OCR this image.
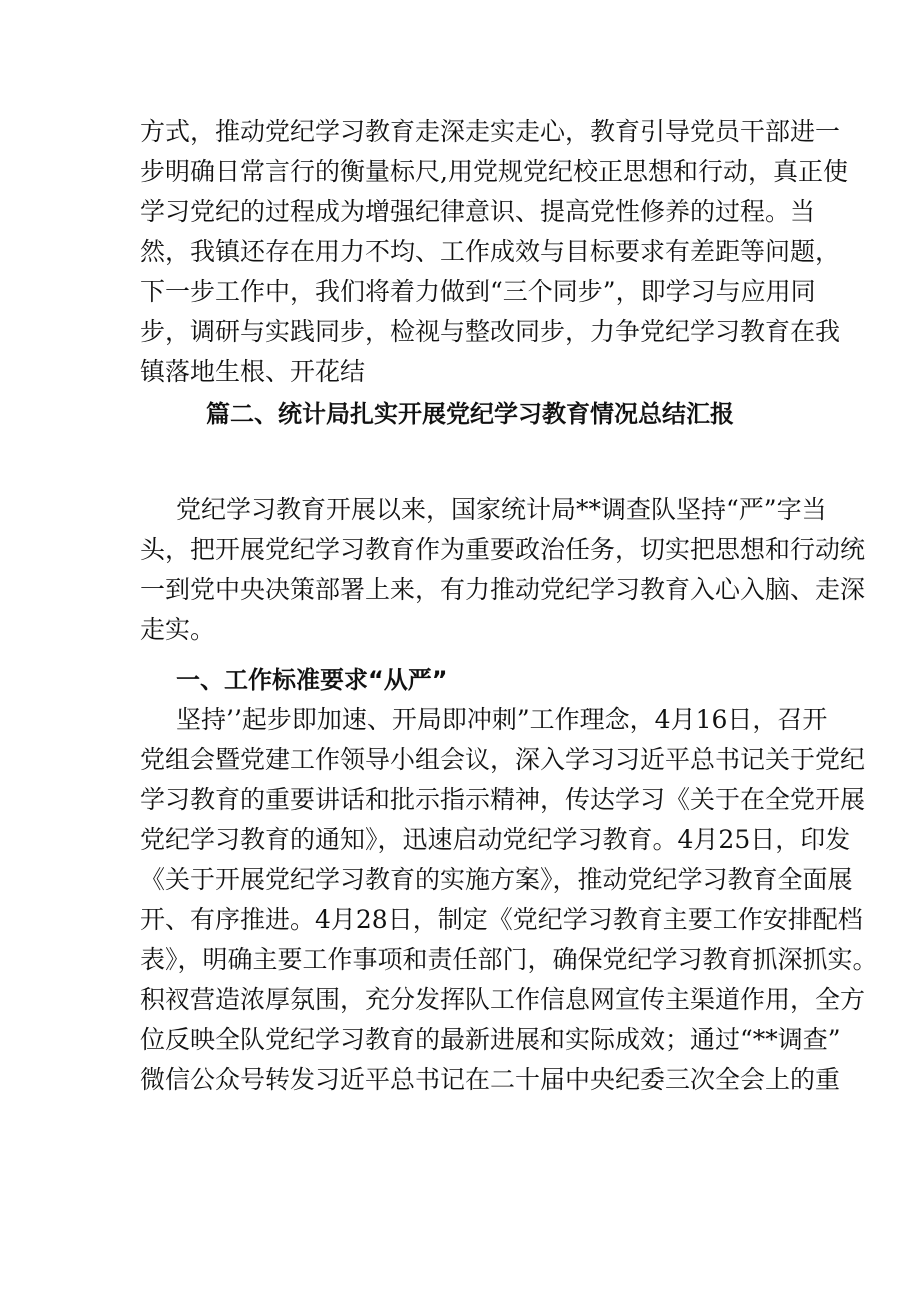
方式，推动党纪学习教育走深走实走心，教育引导党员干部进一

步明确日常言行的衡量标尺,用党规党纪校正思想和行动，真正使

学习党纪的过程成为增强纪律意识、提高党性修养的过程。当

然，我镇还存在用力不均、工作成效与目标要求有差距等问题，

下一步工作中，我们将着力做到“三个同步”，即学习与应用同

步，调研与实践同步，检视与整改同步，力争党纪学习教育在我

镇落地生根、开花结

篇二、统计局扎实开展党纪学习教育情况总结汇报

党纪学习教育开展以来，国家统计局**调查队坚持“严”字当

头，把开展党纪学习教育作为重要政治任务，切实把思想和行动统

一到党中央决策部署上来，有力推动党纪学习教育入心入脑、走深

走实。

一、工作标准要求“从严”

坚持’’起步即加速、开局即冲刺”工作理念，4月16日，召开

党组会暨党建工作领导小组会议，深入学习习近平总书记关于党纪

学习教育的重要讲话和批示指示精神，传达学习《关于在全党开展

党纪学习教育的通知》，迅速启动党纪学习教育。4月25日，印发

《关于开展党纪学习教育的实施方案》，推动党纪学习教育全面展

开、有序推进。4月28日，制定《党纪学习教育主要工作安排配档

表》，明确主要工作事项和责任部门，确保党纪学习教育抓深抓实。

积衩营造浓厚氛围，充分发挥队工作信息网宣传主渠道作用，全方

位反映全队党纪学习教育的最新进展和实际成效；通过“**调查”

微信公众号转发习近平总书记在二十届中央纪委三次全会上的重
